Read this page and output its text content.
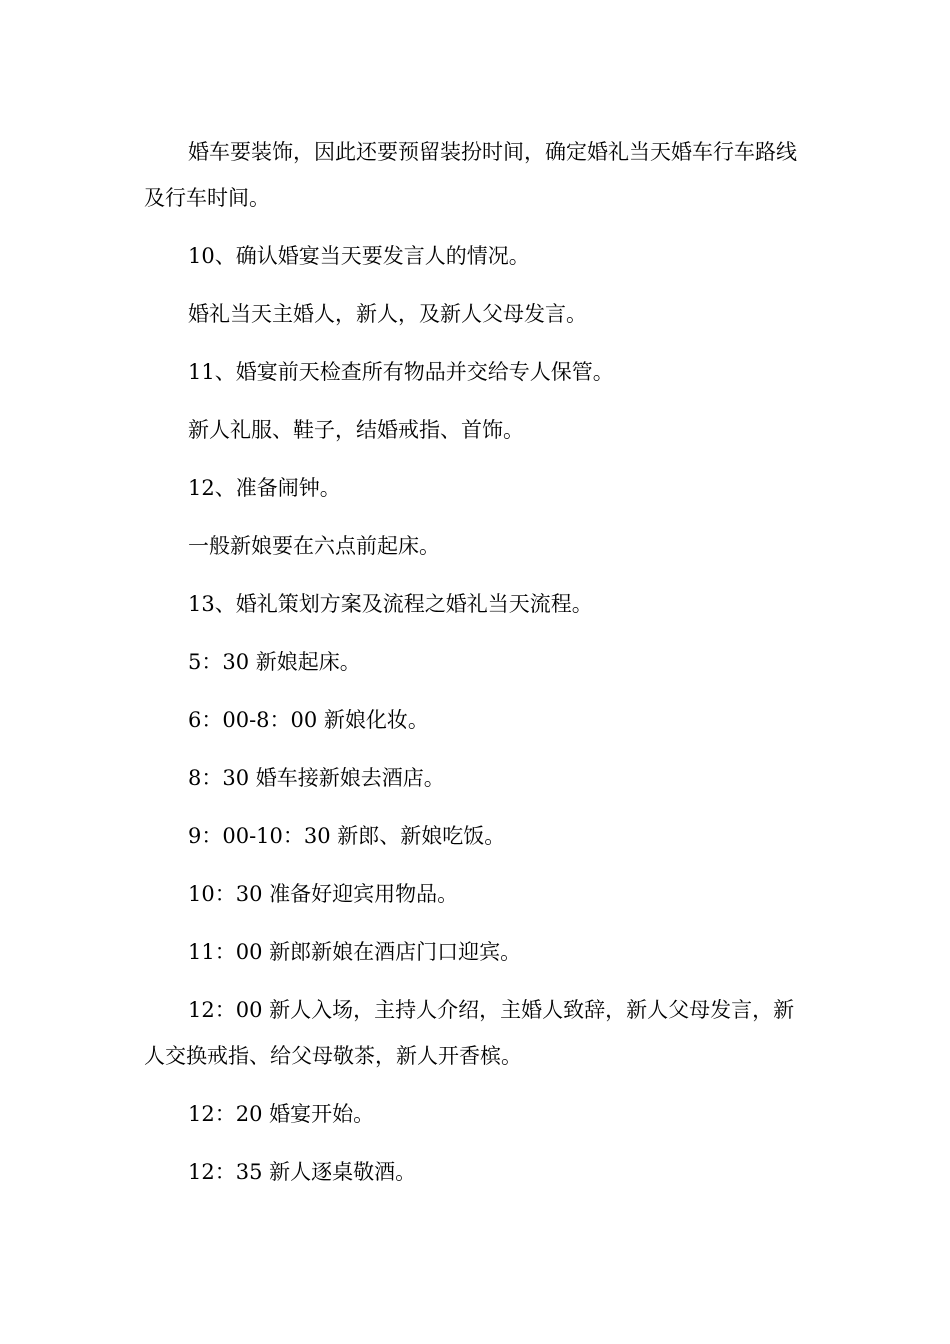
婚车要装饰，因此还要预留装扮时间，确定婚礼当天婚车行车路线及行车时间。

10、确认婚宴当天要发言人的情况。

婚礼当天主婚人，新人，及新人父母发言。

11、婚宴前天检查所有物品并交给专人保管。

新人礼服、鞋子，结婚戒指、首饰。

12、准备闹钟。

一般新娘要在六点前起床。

13、婚礼策划方案及流程之婚礼当天流程。

5：30 新娘起床。

6：00-8：00 新娘化妆。

8：30 婚车接新娘去酒店。

9：00-10：30 新郎、新娘吃饭。

10：30 准备好迎宾用物品。

11：00 新郎新娘在酒店门口迎宾。

12：00 新人入场，主持人介绍，主婚人致辞，新人父母发言，新人交换戒指、给父母敬茶，新人开香槟。

12：20 婚宴开始。

12：35 新人逐桌敬酒。
